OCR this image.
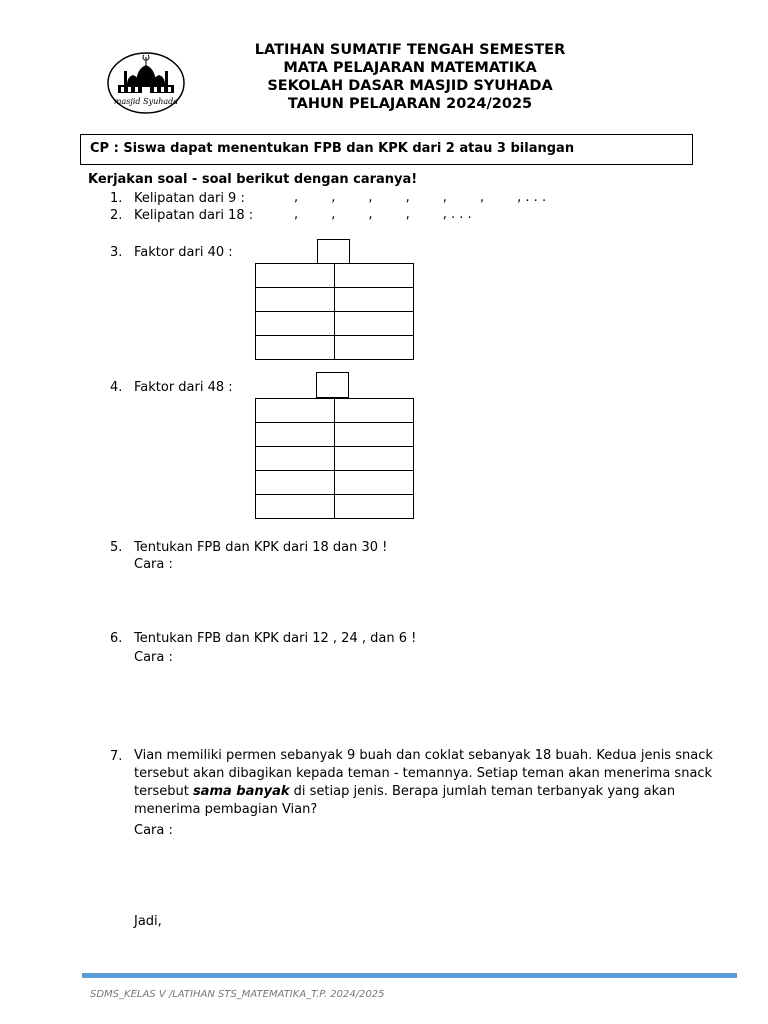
masjid Syuhada
LATIHAN SUMATIF TENGAH SEMESTER
MATA PELAJARAN MATEMATIKA
SEKOLAH DASAR MASJID SYUHADA
TAHUN PELAJARAN 2024/2025
CP : Siswa dapat menentukan FPB dan KPK dari 2 atau 3 bilangan
Kerjakan soal - soal berikut dengan caranya!
1. Kelipatan dari 9 :	,        ,        ,        ,        ,        ,        , . . .
2. Kelipatan dari 18 :	,        ,        ,        ,        , . . .
3. Faktor dari 40 :

4. Faktor dari 48 :

5. Tentukan FPB dan KPK dari 18 dan 30 !
Cara :
6. Tentukan FPB dan KPK dari 12 , 24 , dan 6 !
Cara :
7. Vian memiliki permen sebanyak 9 buah dan coklat sebanyak 18 buah. Kedua jenis snack tersebut akan dibagikan kepada teman - temannya. Setiap teman akan menerima snack tersebut sama banyak di setiap jenis. Berapa jumlah teman terbanyak yang akan menerima pembagian Vian?
Cara :
Jadi,
SDMS_KELAS V /LATIHAN STS_MATEMATIKA_T.P. 2024/2025
